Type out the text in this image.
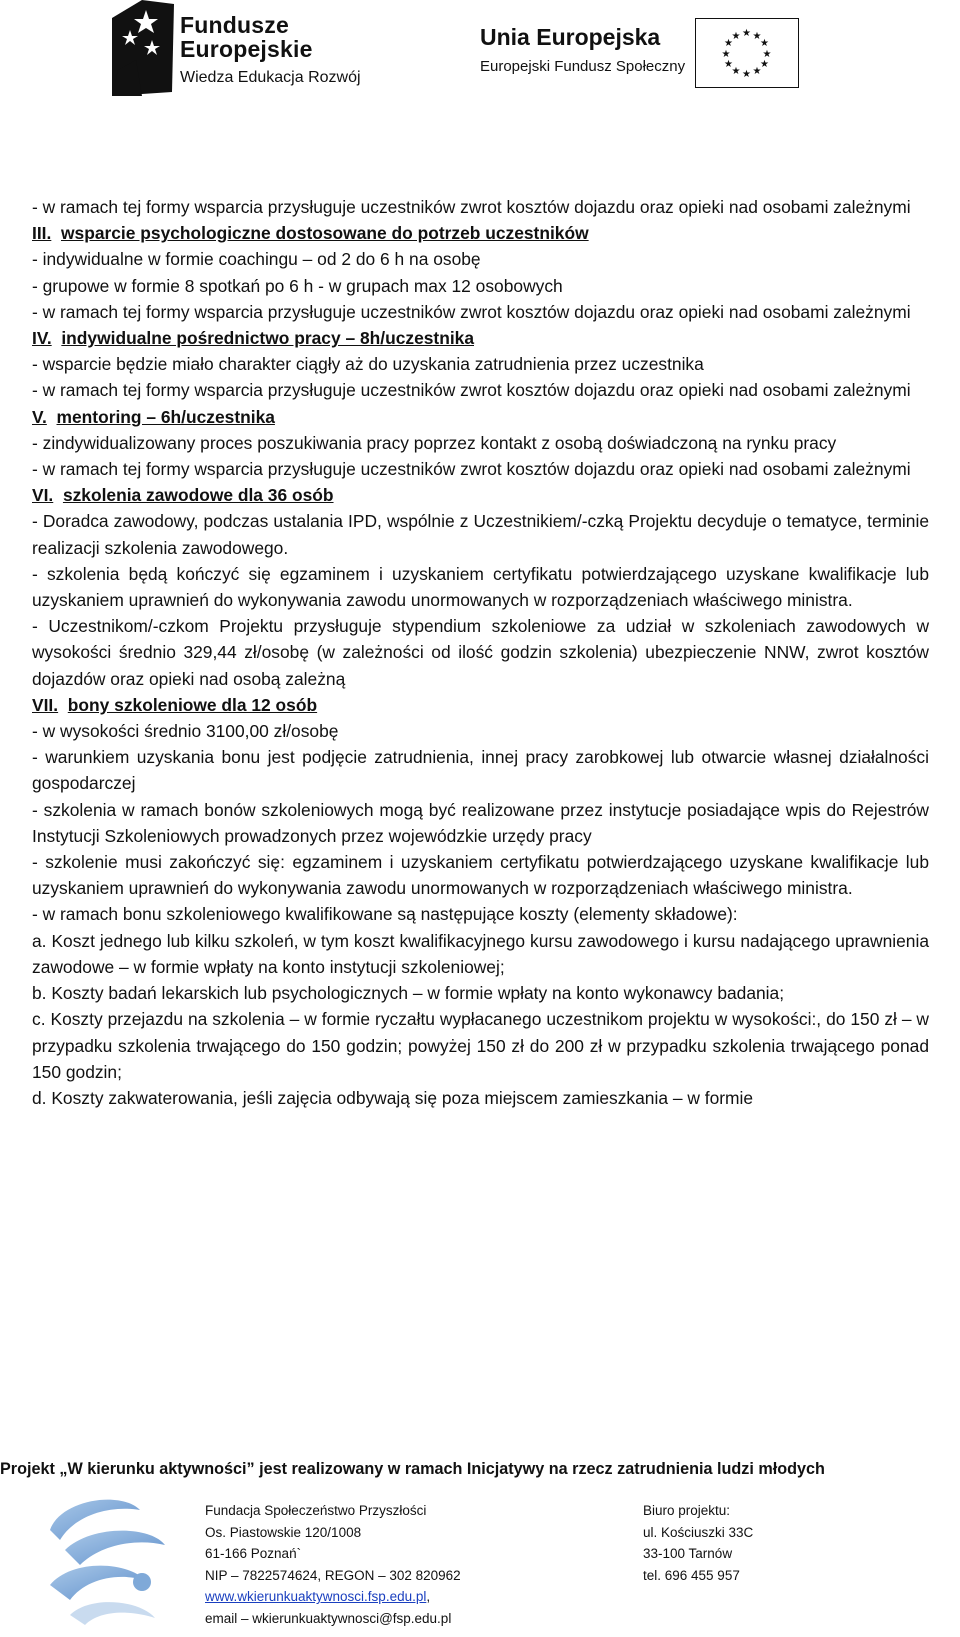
Fundusze
Europejskie
Wiedza Edukacja Rozwój
Unia Europejska
Europejski Fundusz Społeczny
★ ★
★
★
★
★
★
★
★
★
★
★

- w ramach tej formy wsparcia przysługuje uczestników zwrot kosztów dojazdu oraz opieki nad osobami zależnymi

III. wsparcie psychologiczne dostosowane do potrzeb uczestników

- indywidualne w formie coachingu – od 2 do 6 h na osobę

- grupowe w formie 8 spotkań po 6 h - w grupach max 12 osobowych

- w ramach tej formy wsparcia przysługuje uczestników zwrot kosztów dojazdu oraz opieki nad osobami zależnymi

IV. indywidualne pośrednictwo pracy – 8h/uczestnika

- wsparcie będzie miało charakter ciągły aż do uzyskania zatrudnienia przez uczestnika

- w ramach tej formy wsparcia przysługuje uczestników zwrot kosztów dojazdu oraz opieki nad osobami zależnymi

V. mentoring – 6h/uczestnika

- zindywidualizowany proces poszukiwania pracy poprzez kontakt z osobą doświadczoną na rynku pracy

- w ramach tej formy wsparcia przysługuje uczestników zwrot kosztów dojazdu oraz opieki nad osobami zależnymi

VI. szkolenia zawodowe dla 36 osób

- Doradca zawodowy, podczas ustalania IPD, wspólnie z Uczestnikiem/-czką Projektu decyduje o tematyce, terminie realizacji szkolenia zawodowego.

- szkolenia będą kończyć się egzaminem i uzyskaniem certyfikatu potwierdzającego uzyskane kwalifikacje lub uzyskaniem uprawnień do wykonywania zawodu unormowanych w rozporządzeniach właściwego ministra.

- Uczestnikom/-czkom Projektu przysługuje stypendium szkoleniowe za udział w szkoleniach zawodowych w wysokości średnio 329,44 zł/osobę (w zależności od ilość godzin szkolenia) ubezpieczenie NNW, zwrot kosztów dojazdów oraz opieki nad osobą zależną

VII. bony szkoleniowe dla 12 osób

- w wysokości średnio 3100,00 zł/osobę

- warunkiem uzyskania bonu jest podjęcie zatrudnienia, innej pracy zarobkowej lub otwarcie własnej działalności gospodarczej

- szkolenia w ramach bonów szkoleniowych mogą być realizowane przez instytucje posiadające wpis do Rejestrów Instytucji Szkoleniowych prowadzonych przez wojewódzkie urzędy pracy

- szkolenie musi zakończyć się: egzaminem i uzyskaniem certyfikatu potwierdzającego uzyskane kwalifikacje lub uzyskaniem uprawnień do wykonywania zawodu unormowanych w rozporządzeniach właściwego ministra.

- w ramach bonu szkoleniowego kwalifikowane są następujące koszty (elementy składowe):

a. Koszt jednego lub kilku szkoleń, w tym koszt kwalifikacyjnego kursu zawodowego i kursu nadającego uprawnienia zawodowe – w formie wpłaty na konto instytucji szkoleniowej;

b. Koszty badań lekarskich lub psychologicznych – w formie wpłaty na konto wykonawcy badania;

c. Koszty przejazdu na szkolenia – w formie ryczałtu wypłacanego uczestnikom projektu w wysokości:, do 150 zł – w przypadku szkolenia trwającego do 150 godzin; powyżej 150 zł do 200 zł w przypadku szkolenia trwającego ponad 150 godzin;

d. Koszty zakwaterowania, jeśli zajęcia odbywają się poza miejscem zamieszkania – w formie

Projekt „W kierunku aktywności” jest realizowany w ramach Inicjatywy na rzecz zatrudnienia ludzi młodych
Fundacja Społeczeństwo Przyszłości
Os. Piastowskie 120/1008
61-166 Poznań`
NIP – 7822574624, REGON – 302 820962
www.wkierunkuaktywnosci.fsp.edu.pl,
email – wkierunkuaktywnosci@fsp.edu.pl
Biuro projektu:
ul. Kościuszki 33C
33-100 Tarnów
tel. 696 455 957
